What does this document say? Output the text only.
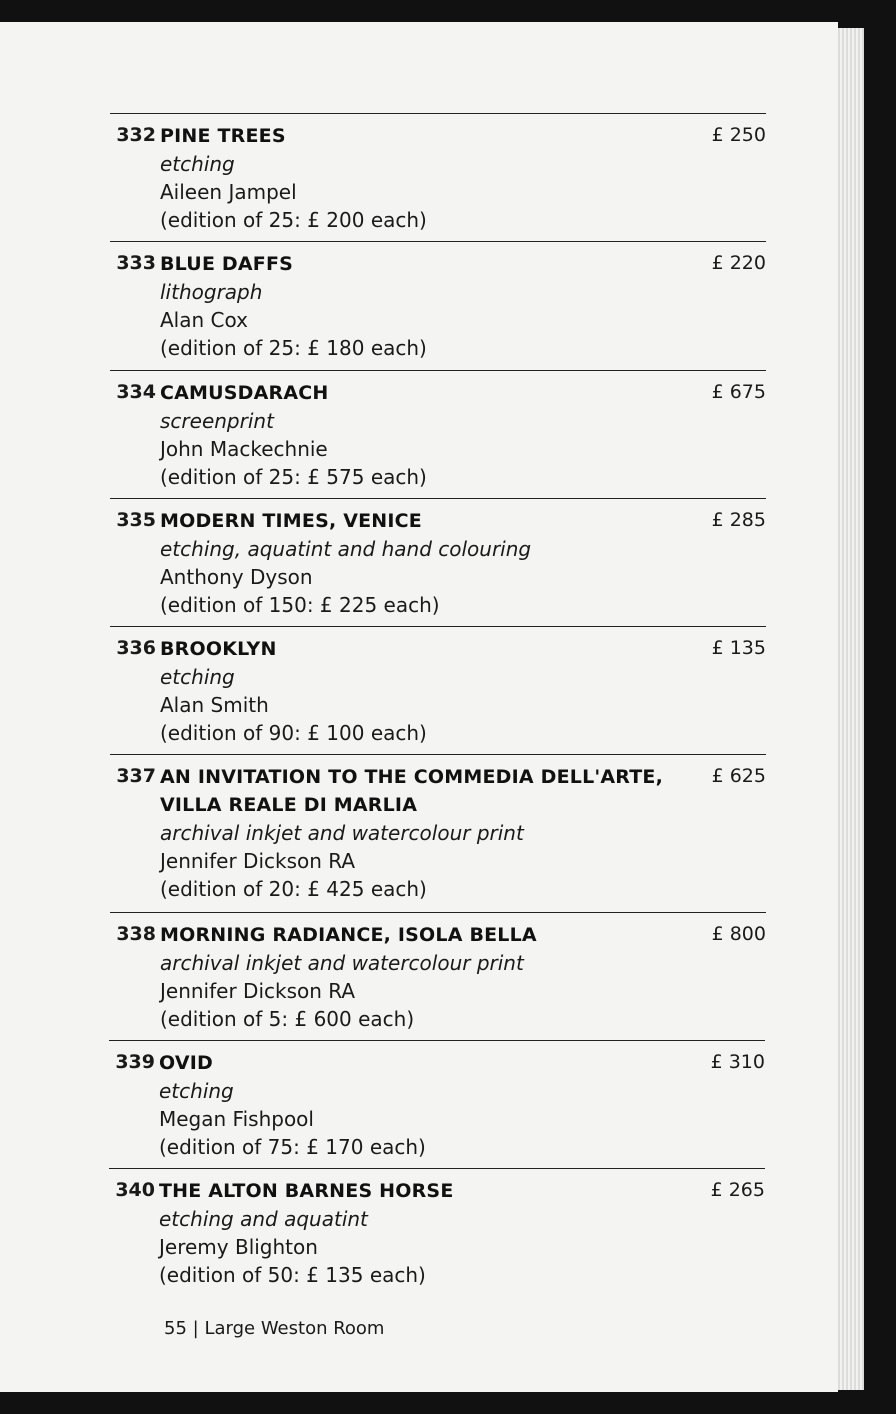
332 PINE TREES
etching
Aileen Jampel
(edition of 25: £ 200 each)
£ 250
333 BLUE DAFFS
lithograph
Alan Cox
(edition of 25: £ 180 each)
£ 220
334 CAMUSDARACH
screenprint
John Mackechnie
(edition of 25: £ 575 each)
£ 675
335 MODERN TIMES, VENICE
etching, aquatint and hand colouring
Anthony Dyson
(edition of 150: £ 225 each)
£ 285
336 BROOKLYN
etching
Alan Smith
(edition of 90: £ 100 each)
£ 135
337 AN INVITATION TO THE COMMEDIA DELL'ARTE,
VILLA REALE DI MARLIA
archival inkjet and watercolour print
Jennifer Dickson RA
(edition of 20: £ 425 each)
£ 625
338 MORNING RADIANCE, ISOLA BELLA
archival inkjet and watercolour print
Jennifer Dickson RA
(edition of 5: £ 600 each)
£ 800
339 OVID
etching
Megan Fishpool
(edition of 75: £ 170 each)
£ 310
340 THE ALTON BARNES HORSE
etching and aquatint
Jeremy Blighton
(edition of 50: £ 135 each)
£ 265
55 | Large Weston Room
